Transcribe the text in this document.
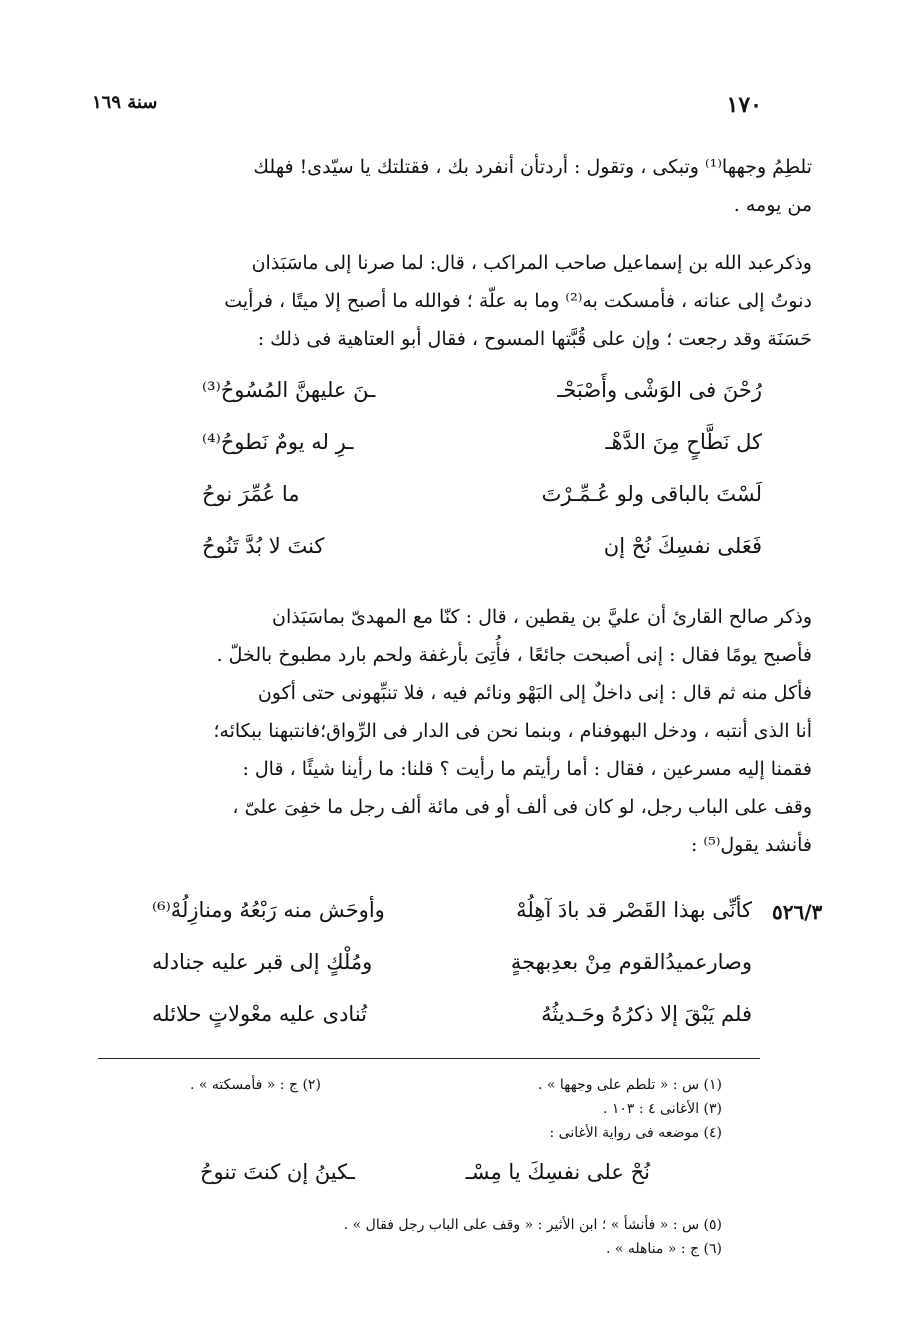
١٧٠
سنة ١٦٩
تلطِمُ وجهها⁽¹⁾ وتبكى ، وتقول : أردتأن أنفرد بك ، فقتلتك يا سيّدى! فهلك
من يومه .
وذكرعبد الله بن إسماعيل صاحب المراكب ، قال: لما صرنا إلى ماسَبَذان
دنوتُ إلى عنانه ، فأمسكت به⁽²⁾ وما به علّة ؛ فوالله ما أصبح إلا ميتًا ، فرأيت
حَسَنَة وقد رجعت ؛ وإن على قُبَّتها المسوح ، فقال أبو العتاهية فى ذلك :
رُحْنَ فى الوَشْى وأَصْبَحْـ
ـنَ عليهنَّ المُسُوحُ⁽³⁾
كل نَطَّاحٍ مِنَ الدَّهْـ
ـرِ له يومٌ نَطوحُ⁽⁴⁾
لَسْتَ بالباقى ولو عُـمِّـرْتَ
ما عُمِّرَ نوحُ
فَعَلى نفسِكَ نُحْ إن
كنتَ لا بُدَّ تَنُوحُ
وذكر صالح القارئ أن عليَّ بن يقطين ، قال : كنّا مع المهدىّ بماسَبَذان
فأصبح يومًا فقال : إنى أصبحت جائعًا ، فأُتِىَ بأرغفة ولحم بارد مطبوخ بالخلّ .
فأكل منه ثم قال : إنى داخلٌ إلى البَهْو ونائم فيه ، فلا تنبِّهونى حتى أكون
أنا الذى أنتبه ، ودخل البهوفنام ، وبنما نحن فى الدار فى الرِّواق؛فانتبهنا ببكائه؛
فقمنا إليه مسرعين ، فقال : أما رأيتم ما رأيت ؟ قلنا: ما رأينا شيئًا ، قال :
وقف على الباب رجل، لو كان فى ألف أو فى مائة ألف رجل ما خفِىَ علىّ ،
فأنشد يقول⁽⁵⁾ :
٥٢٦/٣
كأنِّى بهذا القَصْر قد بادَ آهِلُهْ
وأوحَش منه رَبْعُهُ ومنازِلُهْ⁽⁶⁾
وصارعميدُالقوم مِنْ بعدِبهجةٍ
ومُلْكٍ إلى قبر عليه جنادله
فلم يَبْقَ إلا ذكرُهُ وحَـديثُهُ
تُنادى عليه معْولاتٍ حلائله
(١) س : « تلطم على وجهها » .
(٢) ج : « فأمسكته » .
(٣) الأغانى ٤ : ١٠٣ .
(٤) موضعه فى رواية الأغانى :
نُحْ على نفسِكَ يا مِسْـ
ـكينُ إن كنتَ تنوحُ
(٥) س : « فأنشأ » ؛ ابن الأثير : « وقف على الباب رجل فقال » .
(٦) ج : « مناهله » .
